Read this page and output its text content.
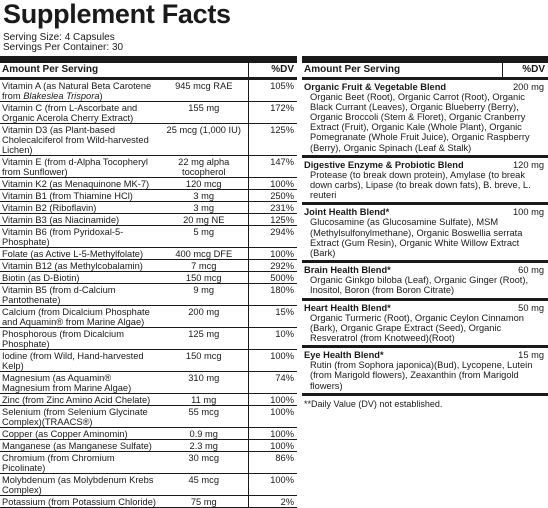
Supplement Facts
Serving Size: 4 Capsules
Servings Per Container: 30
Amount Per Serving		%DV
Vitamin A (as Natural Beta Carotene from Blakeslea Trispora)	945 mcg RAE	105%
Vitamin C (from L-Ascorbate and Organic Acerola Cherry Extract)	155 mg	172%
Vitamin D3 (as Plant-based Cholecalciferol from Wild-harvested Lichen)	25 mcg (1,000 IU)	125%
Vitamin E (from d-Alpha Tocopheryl from Sunflower)	22 mg alpha tocopherol	147%
Vitamin K2 (as Menaquinone MK-7)	120 mcg	100%
Vitamin B1 (from Thiamine HCl)	3 mg	250%
Vitamin B2 (Riboflavin)	3 mg	231%
Vitamin B3 (as Niacinamide)	20 mg NE	125%
Vitamin B6 (from Pyridoxal-5-Phosphate)	5 mg	294%
Folate (as Active L-5-Methylfolate)	400 mcg DFE	100%
Vitamin B12 (as Methylcobalamin)	7 mcg	292%
Biotin (as D-Biotin)	150 mcg	500%
Vitamin B5 (from d-Calcium Pantothenate)	9 mg	180%
Calcium (from Dicalcium Phosphate and Aquamin® from Marine Algae)	200 mg	15%
Phosphorous (from Dicalcium Phosphate)	125 mg	10%
Iodine (from Wild, Hand-harvested Kelp)	150 mcg	100%
Magnesium (as Aquamin® Magnesium from Marine Algae)	310 mg	74%
Zinc (from Zinc Amino Acid Chelate)	11 mg	100%
Selenium (from Selenium Glycinate Complex)(TRAACS®)	55 mcg	100%
Copper (as Copper Aminomin)	0.9 mg	100%
Manganese (as Manganese Sulfate)	2.3 mg	100%
Chromium (from Chromium Picolinate)	30 mcg	86%
Molybdenum (as Molybdenum Krebs Complex)	45 mcg	100%
Potassium (from Potassium Chloride)	75 mg	2%
Amount Per Serving	%DV
Organic Fruit & Vegetable Blend	200 mg
Organic Beet (Root), Organic Carrot (Root), Organic Black Currant (Leaves), Organic Blueberry (Berry), Organic Broccoli (Stem & Floret), Organic Cranberry Extract (Fruit), Organic Kale (Whole Plant), Organic Pomegranate (Whole Fruit Juice), Organic Raspberry (Berry), Organic Spinach (Leaf & Stalk)
Digestive Enzyme & Probiotic Blend	120 mg
Protease (to break down protein), Amylase (to break down carbs), Lipase (to break down fats), B. breve, L. reuteri
Joint Health Blend*	100 mg
Glucosamine (as Glucosamine Sulfate), MSM (Methylsulfonylmethane), Organic Boswellia serrata Extract (Gum Resin), Organic White Willow Extract (Bark)
Brain Health Blend*	60 mg
Organic Ginkgo biloba (Leaf), Organic Ginger (Root), Inositol, Boron (from Boron Citrate)
Heart Health Blend*	50 mg
Organic Turmeric (Root), Organic Ceylon Cinnamon (Bark), Organic Grape Extract (Seed), Organic Resveratrol (from Knotweed)(Root)
Eye Health Blend*	15 mg
Rutin (from Sophora japonica)(Bud), Lycopene, Lutein (from Marigold flowers), Zeaxanthin (from Marigold flowers)
**Daily Value (DV) not established.
